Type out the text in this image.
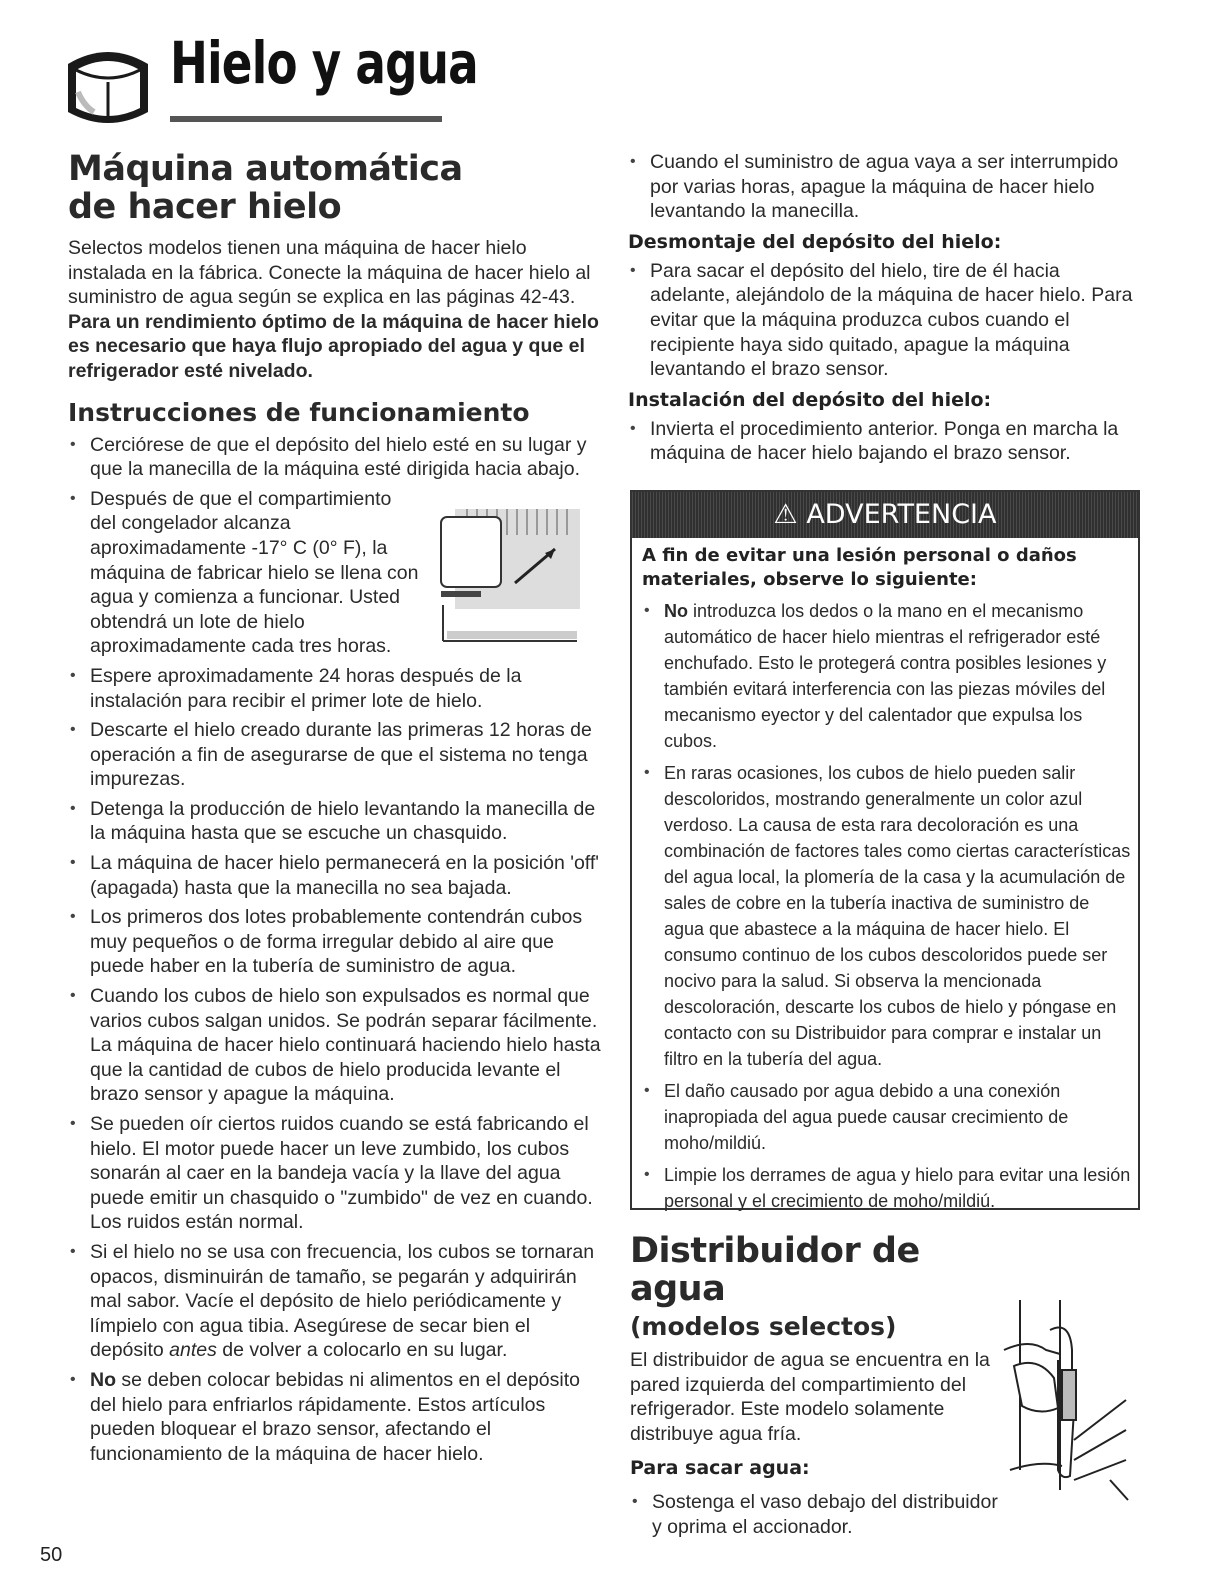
Hielo y agua
Máquina automática de hacer hielo

Selectos modelos tienen una máquina de hacer hielo instalada en la fábrica. Conecte la máquina de hacer hielo al suministro de agua según se explica en las páginas 42-43. Para un rendimiento óptimo de la máquina de hacer hielo es necesario que haya flujo apropiado del agua y que el refrigerador esté nivelado.

Instrucciones de funcionamiento
• Cerciórese de que el depósito del hielo esté en su lugar y que la manecilla de la máquina esté dirigida hacia abajo.
• Después de que el compartimiento del congelador alcanza aproximadamente -17° C (0° F), la máquina de fabricar hielo se llena con agua y comienza a funcionar. Usted obtendrá un lote de hielo aproximadamente cada tres horas.
• Espere aproximadamente 24 horas después de la instalación para recibir el primer lote de hielo.
• Descarte el hielo creado durante las primeras 12 horas de operación a fin de asegurarse de que el sistema no tenga impurezas.
• Detenga la producción de hielo levantando la manecilla de la máquina hasta que se escuche un chasquido.
• La máquina de hacer hielo permanecerá en la posición 'off' (apagada) hasta que la manecilla no sea bajada.
• Los primeros dos lotes probablemente contendrán cubos muy pequeños o de forma irregular debido al aire que puede haber en la tubería de suministro de agua.
• Cuando los cubos de hielo son expulsados es normal que varios cubos salgan unidos. Se podrán separar fácilmente. La máquina de hacer hielo continuará haciendo hielo hasta que la cantidad de cubos de hielo producida levante el brazo sensor y apague la máquina.
• Se pueden oír ciertos ruidos cuando se está fabricando el hielo. El motor puede hacer un leve zumbido, los cubos sonarán al caer en la bandeja vacía y la llave del agua puede emitir un chasquido o "zumbido" de vez en cuando. Los ruidos están normal.
• Si el hielo no se usa con frecuencia, los cubos se tornaran opacos, disminuirán de tamaño, se pegarán y adquirirán mal sabor. Vacíe el depósito de hielo periódicamente y límpielo con agua tibia. Asegúrese de secar bien el depósito antes de volver a colocarlo en su lugar.
• No se deben colocar bebidas ni alimentos en el depósito del hielo para enfriarlos rápidamente. Estos artículos pueden bloquear el brazo sensor, afectando el funcionamiento de la máquina de hacer hielo.
• Cuando el suministro de agua vaya a ser interrumpido por varias horas, apague la máquina de hacer hielo levantando la manecilla.
Desmontaje del depósito del hielo:
• Para sacar el depósito del hielo, tire de él hacia adelante, alejándolo de la máquina de hacer hielo. Para evitar que la máquina produzca cubos cuando el recipiente haya sido quitado, apague la máquina levantando el brazo sensor.
Instalación del depósito del hielo:
• Invierta el procedimiento anterior. Ponga en marcha la máquina de hacer hielo bajando el brazo sensor.
⚠ ADVERTENCIA

A fin de evitar una lesión personal o daños materiales, observe lo siguiente:

• No introduzca los dedos o la mano en el mecanismo automático de hacer hielo mientras el refrigerador esté enchufado. Esto le protegerá contra posibles lesiones y también evitará interferencia con las piezas móviles del mecanismo eyector y del calentador que expulsa los cubos.
• En raras ocasiones, los cubos de hielo pueden salir descoloridos, mostrando generalmente un color azul verdoso. La causa de esta rara decoloración es una combinación de factores tales como ciertas características del agua local, la plomería de la casa y la acumulación de sales de cobre en la tubería inactiva de suministro de agua que abastece a la máquina de hacer hielo. El consumo continuo de los cubos descoloridos puede ser nocivo para la salud. Si observa la mencionada descoloración, descarte los cubos de hielo y póngase en contacto con su Distribuidor para comprar e instalar un filtro en la tubería del agua.
• El daño causado por agua debido a una conexión inapropiada del agua puede causar crecimiento de moho/mildiú.
• Limpie los derrames de agua y hielo para evitar una lesión personal y el crecimiento de moho/mildiú.
Distribuidor de agua
(modelos selectos)

El distribuidor de agua se encuentra en la pared izquierda del compartimiento del refrigerador. Este modelo solamente distribuye agua fría.

Para sacar agua:
• Sostenga el vaso debajo del distribuidor y oprima el accionador.
50
